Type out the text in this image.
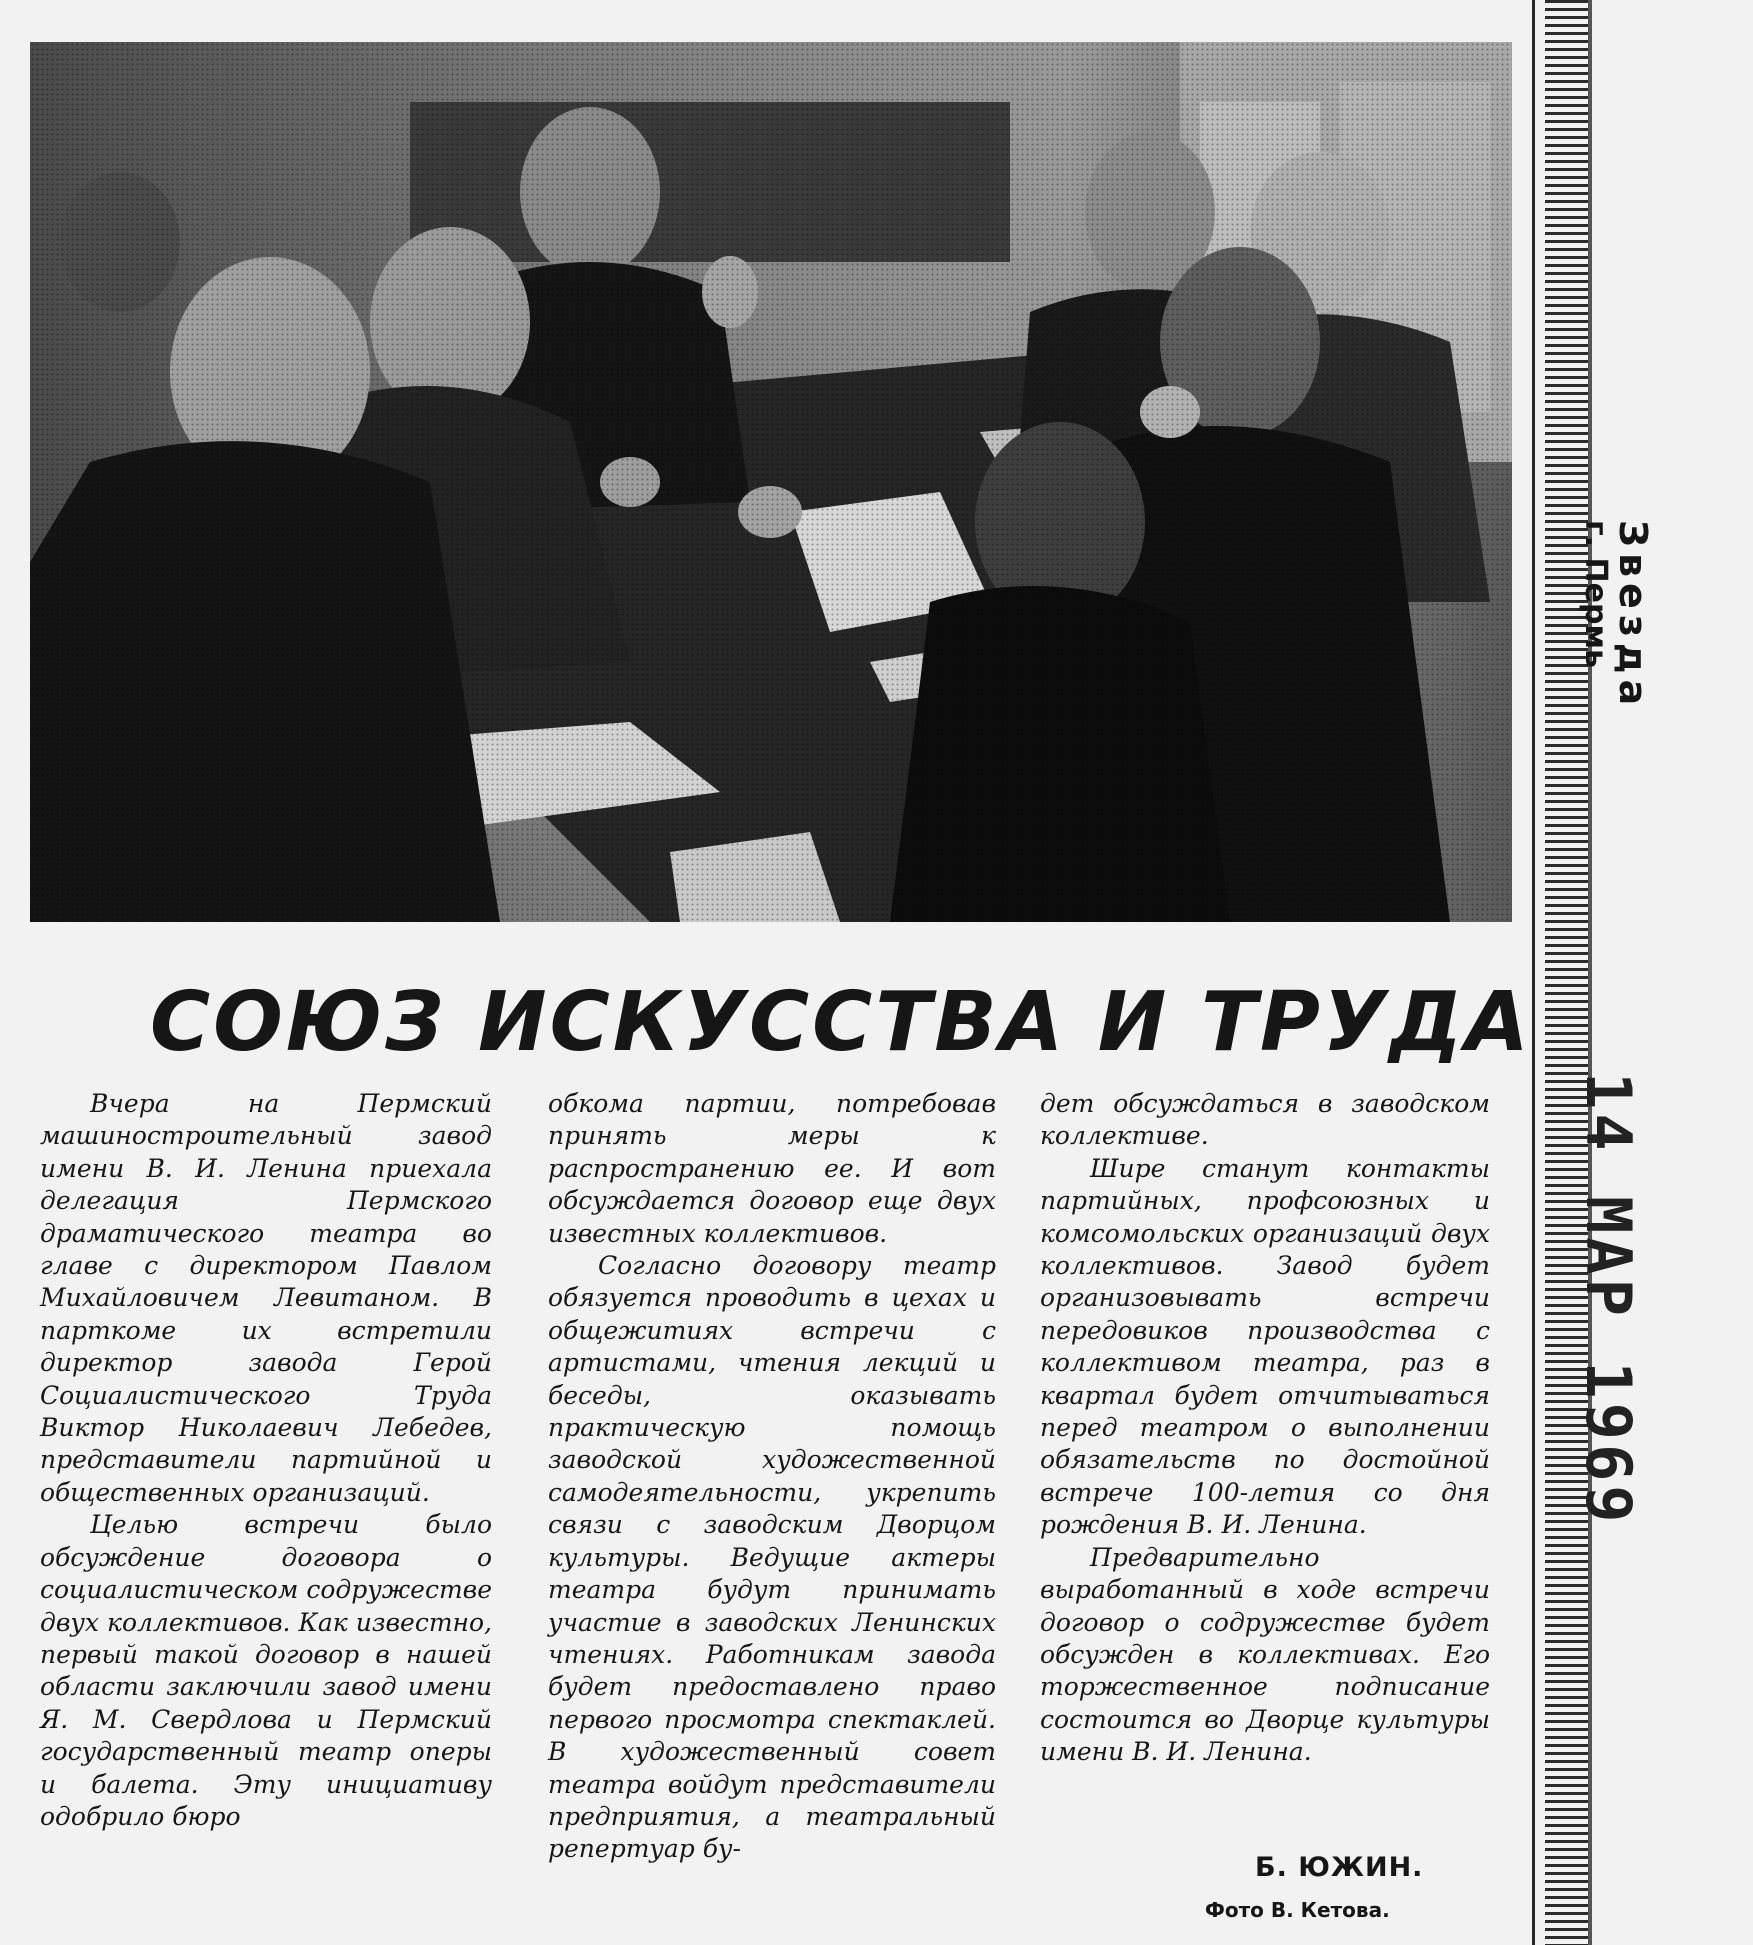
СОЮЗ ИСКУССТВА И ТРУДА

Вчера на Пермский машиностроительный завод имени В. И. Ленина приехала делегация Пермского драматического театра во главе с директором Павлом Михайловичем Левитаном. В парткоме их встретили директор завода Герой Социалистического Труда Виктор Николаевич Лебедев, представители партийной и общественных организаций.

Целью встречи было обсуждение договора о социалистическом содружестве двух коллективов. Как известно, первый такой договор в нашей области заключили завод имени Я. М. Свердлова и Пермский государственный театр оперы и балета. Эту инициативу одобрило бюро

обкома партии, потребовав принять меры к распространению ее. И вот обсуждается договор еще двух известных коллективов.

Согласно договору театр обязуется проводить в цехах и общежитиях встречи с артистами, чтения лекций и беседы, оказывать практическую помощь заводской художественной самодеятельности, укрепить связи с заводским Дворцом культуры. Ведущие актеры театра будут принимать участие в заводских Ленинских чтениях. Работникам завода будет предоставлено право первого просмотра спектаклей. В художественный совет театра войдут представители предприятия, а театральный репертуар бу-

дет обсуждаться в заводском коллективе.

Шире станут контакты партийных, профсоюзных и комсомольских организаций двух коллективов. Завод будет организовывать встречи передовиков производства с коллективом театра, раз в квартал будет отчитываться перед театром о выполнении обязательств по достойной встрече 100-летия со дня рождения В. И. Ленина.

Предварительно выработанный в ходе встречи договор о содружестве будет обсужден в коллективах. Его торжественное подписание состоится во Дворце культуры имени В. И. Ленина.

Б. ЮЖИН.
Фото В. Кетова.
Звезда
г. Пермь
14 МАР 1969
